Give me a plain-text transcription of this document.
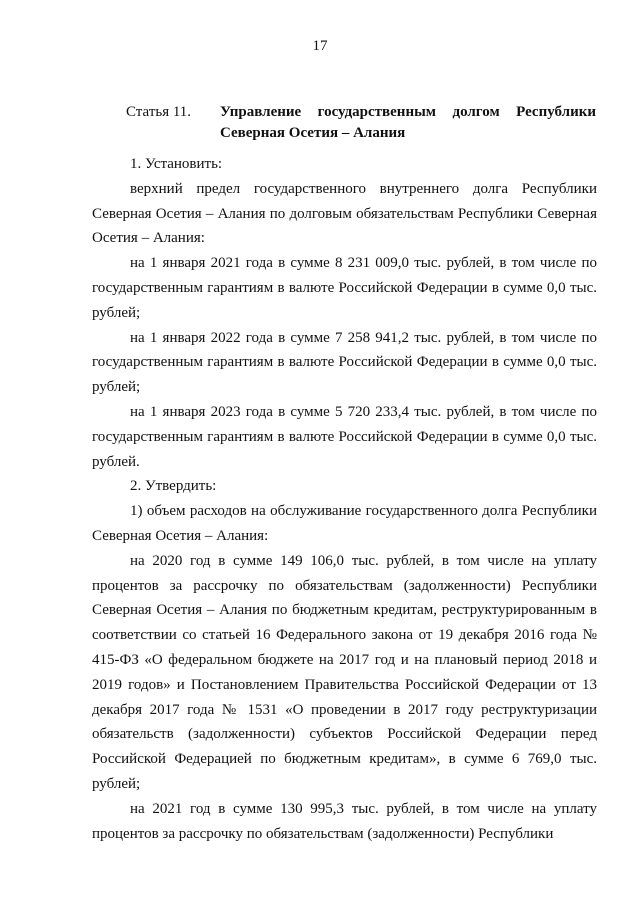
17
Статья 11. Управление государственным долгом Республики Северная Осетия – Алания

1. Установить:

верхний предел государственного внутреннего долга Республики Северная Осетия – Алания по долговым обязательствам Республики Северная Осетия – Алания:

на 1 января 2021 года в сумме 8 231 009,0 тыс. рублей, в том числе по государственным гарантиям в валюте Российской Федерации в сумме 0,0 тыс. рублей;

на 1 января 2022 года в сумме 7 258 941,2 тыс. рублей, в том числе по государственным гарантиям в валюте Российской Федерации в сумме 0,0 тыс. рублей;

на 1 января 2023 года в сумме 5 720 233,4 тыс. рублей, в том числе по государственным гарантиям в валюте Российской Федерации в сумме 0,0 тыс. рублей.

2. Утвердить:

1) объем расходов на обслуживание государственного долга Республики Северная Осетия – Алания:

на 2020 год в сумме 149 106,0 тыс. рублей, в том числе на уплату процентов за рассрочку по обязательствам (задолженности) Республики Северная Осетия – Алания по бюджетным кредитам, реструктурированным в соответствии со статьей 16 Федерального закона от 19 декабря 2016 года № 415-ФЗ «О федеральном бюджете на 2017 год и на плановый период 2018 и 2019 годов» и Постановлением Правительства Российской Федерации от 13 декабря 2017 года № 1531 «О проведении в 2017 году реструктуризации обязательств (задолженности) субъектов Российской Федерации перед Российской Федерацией по бюджетным кредитам», в сумме 6 769,0 тыс. рублей;

на 2021 год в сумме 130 995,3 тыс. рублей, в том числе на уплату процентов за рассрочку по обязательствам (задолженности) Республики
